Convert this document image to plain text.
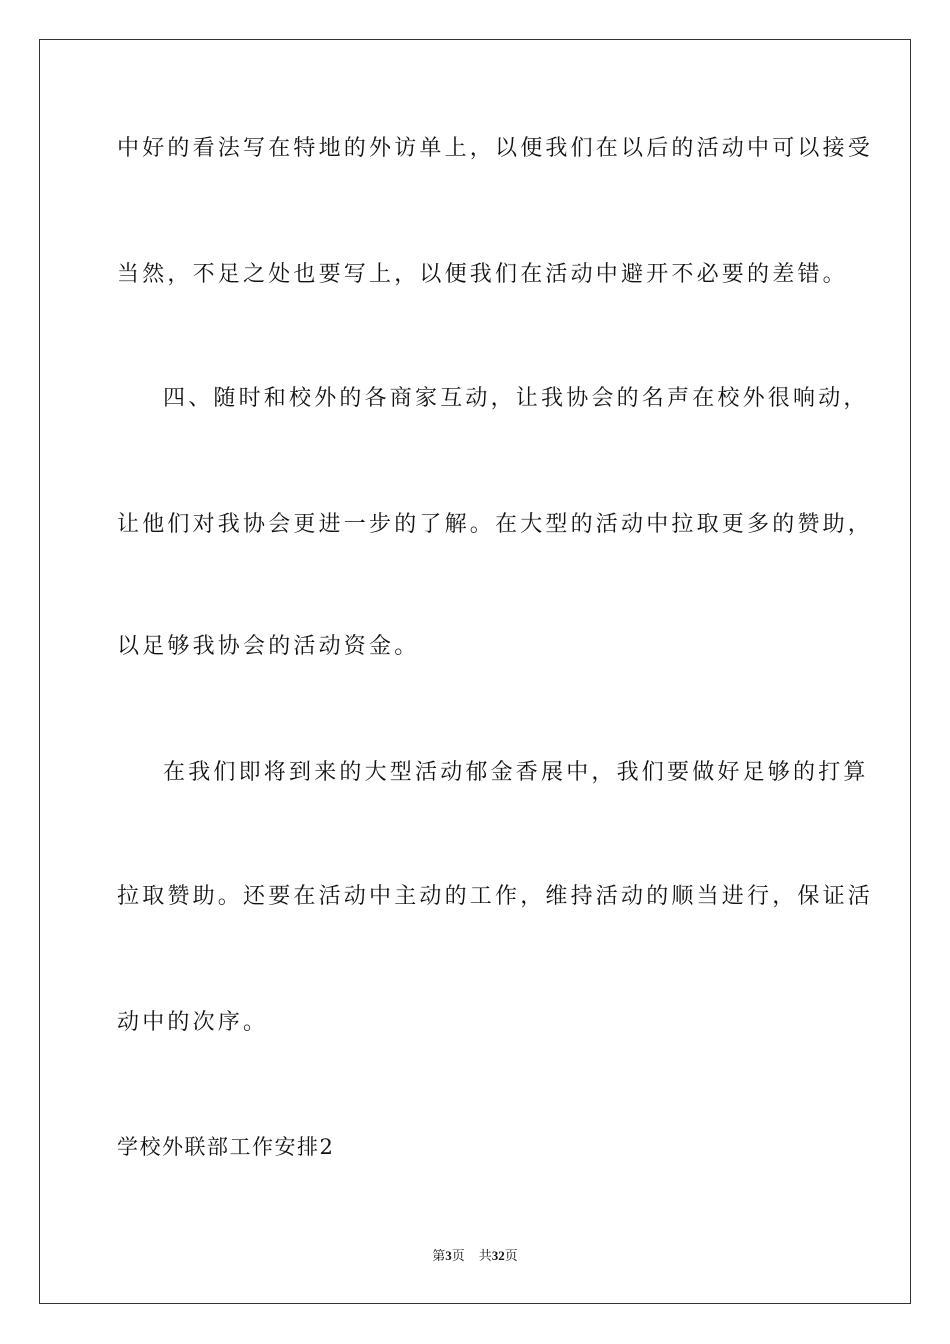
中好的看法写在特地的外访单上，以便我们在以后的活动中可以接受
当然，不足之处也要写上，以便我们在活动中避开不必要的差错。
四、随时和校外的各商家互动，让我协会的名声在校外很响动，
让他们对我协会更进一步的了解。在大型的活动中拉取更多的赞助，
以足够我协会的活动资金。
在我们即将到来的大型活动郁金香展中，我们要做好足够的打算
拉取赞助。还要在活动中主动的工作，维持活动的顺当进行，保证活
动中的次序。
学校外联部工作安排2
第3页 共32页
